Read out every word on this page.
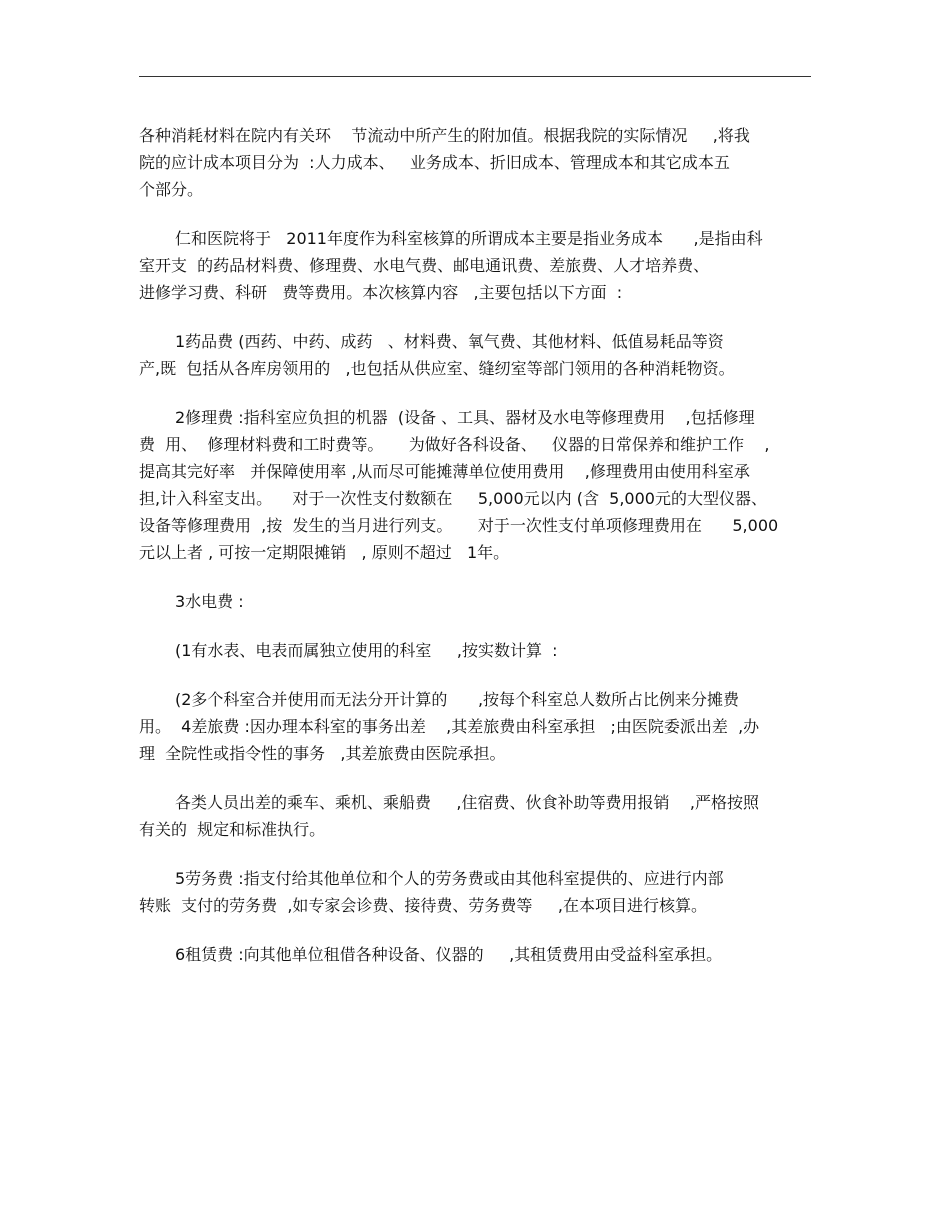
各种消耗材料在院内有关环    节流动中所产生的附加值。根据我院的实际情况     ,将我
院的应计成本项目分为  :人力成本、   业务成本、折旧成本、管理成本和其它成本五
个部分。

仁和医院将于   2011年度作为科室核算的所谓成本主要是指业务成本      ,是指由科
室开支  的药品材料费、修理费、水电气费、邮电通讯费、差旅费、人才培养费、
进修学习费、科研   费等费用。本次核算内容   ,主要包括以下方面  :

1药品费 (西药、中药、成药   、材料费、氧气费、其他材料、低值易耗品等资
产,既  包括从各库房领用的   ,也包括从供应室、缝纫室等部门领用的各种消耗物资。

2修理费 :指科室应负担的机器  (设备 、工具、器材及水电等修理费用    ,包括修理
费  用、  修理材料费和工时费等。     为做好各科设备、   仪器的日常保养和维护工作    ,
提高其完好率   并保障使用率 ,从而尽可能摊薄单位使用费用    ,修理费用由使用科室承
担,计入科室支出。    对于一次性支付数额在     5,000元以内 (含  5,000元的大型仪器、
设备等修理费用  ,按  发生的当月进行列支。     对于一次性支付单项修理费用在      5,000
元以上者 , 可按一定期限摊销   , 原则不超过   1年。

3水电费 :

(1有水表、电表而属独立使用的科室     ,按实数计算  :

(2多个科室合并使用而无法分开计算的      ,按每个科室总人数所占比例来分摊费
用。  4差旅费 :因办理本科室的事务出差    ,其差旅费由科室承担   ;由医院委派出差  ,办
理  全院性或指令性的事务   ,其差旅费由医院承担。

各类人员出差的乘车、乘机、乘船费     ,住宿费、伙食补助等费用报销    ,严格按照
有关的  规定和标准执行。

5劳务费 :指支付给其他单位和个人的劳务费或由其他科室提供的、应进行内部
转账  支付的劳务费  ,如专家会诊费、接待费、劳务费等     ,在本项目进行核算。

6租赁费 :向其他单位租借各种设备、仪器的     ,其租赁费用由受益科室承担。
